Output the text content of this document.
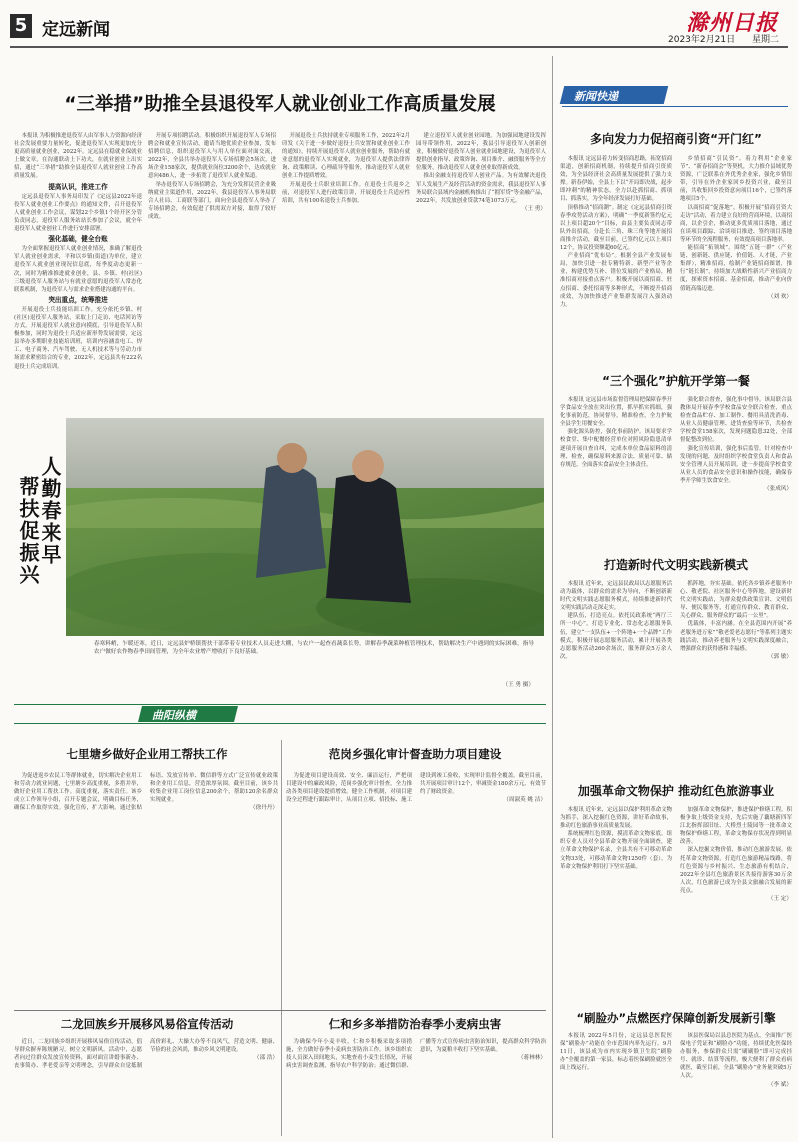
5 定远新闻	滁州日报
2023年2月21日 星期二
“三举措”助推全县退役军人就业创业工作高质量发展

本报讯 为积极推进退役军人由军事人力资源向经济社会发展重要力量转化，促进退役军人实现更加充分更高质量就业创业，2022年，定远县在稳就业保就业上做文章，在沟通联动上下功夫，在就业创业上出实招，通过“三举措”助推全县退役军人就业创业工作高质量发展。

提高认识，推进工作

定远县退役军人事务局印发了《定远县2022年退役军人就业创业工作要点》的通知文件，召开退役军人就业创业工作会议，谋划22个乡镇1个经开区分管负责同志，退役军人服务站站长参加了会议，就全年退役军人就业创业工作进行安排部署。

强化基础，健全台账

为全面掌握退役军人就业创业情况，准确了解退役军人就业创业需求，平和以乡镇(街道)为单位，建立退役军人就业创业现况信息底，每季度动态更新一次，同时为精准推进就业创业，县、乡镇、村(社区)三级退役军人服务站与有就业意愿的退役军人常态化联系机制，为退役军人与需求企业搭建沟通的平台。

突出重点，统筹推进

开展退役士兵技能培训工作。充分依托乡镇、村(社区)退役军人服务站，采取上门走访、电话回访等方式，开展退役军人就业意向摸底，引导退役军人积极参加，同时为退役士兵适应新形势发展需要，定远县举办多期职业技能培训班，培训内容涵盖电工、焊工、电子商务、汽车驾驶、无人机技术等与劳动力市场需求紧密结合的专业，2022年，定远县共有222名退役士兵完成培训。

开展专项招聘活动。积极组织开展退役军人专场招聘会和就业宣传活动，邀请当地优质企业参加，发布招聘信息，组织退役军人与用人单位面对面交流，2022年，全县共举办退役军人专场招聘会5场次，进场企业158家次，提供就业岗位3200余个，达成就业意向486人，进一步拓宽了退役军人就业渠道。

举办退役军人专场招聘会，为充分发挥民营企业吸纳就业主渠道作用，2022年，我县退役军人事务局联合人社局、工商联等部门，面向全县退役军人举办了专场招聘会，有效促进了供需双方对接，取得了较好成效。

开展退役士兵扶持就业专项服务工作，2022年2月印发《关于进一步做好退役士兵安置和就业创业工作的通知》，持续开展退役军人就业创业服务，帮助有就业意愿的退役军人实现就业，为退役军人提供法律咨询、政策解读、心理疏导等服务，推动退役军人就业创业工作提质增效。

开展退役士兵职业培训工作。在退役士兵返乡之前，对退役军人进行政策宣讲，开展退役士兵适应性培训，共有100名退役士兵参加。

建立退役军人就业创业园地。为加强园地建设发挥园导带领作用，2022年，我县引导退役军人创新创业，积极做好退役军人创业就业园地建设，为退役军人提供创业指导、政策咨询、项目推介、融资服务等全方位服务，推动退役军人就业创业取得新成效。

推出金融支持退役军人创业产品。为有效解决退役军人发展生产及经营活动的资金需求，我县退役军人事务局联合县域内金融机构推出了“拥军贷”等金融产品，2022年，共发放创业贷款74笔1073万元。

（王 勇）
人勤春来早
帮扶促振兴
春寒料峭，乍暖还寒。近日，定远县炉桥镇帮扶干部带着专业技术人员走进大棚，与农户一起查看蔬菜长势，讲解春季蔬菜种植管理技术，帮助解决生产中遇到的实际困难，指导农户做好农作物春季田间管理，为全年农业增产增收打下良好基础。
（王 勇 摄）
新闻快递
多向发力力促招商引资“开门红”

本报讯 定远县着力转变招商思路，拓宽招商渠道，创新招商机制，持续提升招商引资质效，为全县经济社会高质量发展提供了强力支撑。新春伊始，全县上下以“开局即决战，起步即冲刺”的精神状态，全力以赴抓招商、抓项目、抓落实，为全年经济发展打好基础。

顶格推动“招商潮”。制定《定远县招商引资春季攻势活动方案》，明确“一季度新签约亿元以上项目超20个”目标，由县主要负责同志带队外出招商，分赴长三角、珠三角等地开展招商推介活动，截至目前，已签约亿元以上项目12个，协议投资额超60亿元。

产业招商“优布局”。根据全县产业发展布局，加快引进一批专精特新、新型产业等企业，构建优势互补、错位发展的产业格局，精准招商对接重点客户。积极开展以商招商、驻点招商、委托招商等多种形式，不断提升招商成效，为加快推进产业集群发展注入强劲动力。

乡情招商“引民资”。着力利用“企业家节”、“新春招商会”等契机，大力推介县域优势资源，广泛联系在外优秀企业家，强化乡情纽带，引导在外企业家回乡投资兴业，截至目前，共收集回乡投资意向项目16个，已签约落地项目5个。

以商招商“促落地”。积极开展“招商引资大走访”活动，着力建立良好的营商环境，以商招商，以企引企，推动更多优质项目落地，通过在谈项目跟踪、洽谈项目推进、签约项目落地等环节的全流程服务，有效提高项目落地率。

能招商“拓领域”。围绕“五链一群”（产业链、创新链、供应链、价值链、人才链，产业集群），精准招商，绘制产业链招商图谱，推行“链长制”，持续加大战略性新兴产业招商力度，探索资本招商、基金招商，推动产业向价值链高端迈进。

（刘 欢）
“三个强化”护航开学第一餐

本报讯 定远县市场监督管理局把保障春季开学食品安全放在突出位置，抓早抓实抓细，强化事前防范，协同督导，精准检查，全力护航全县学生用餐安全。

强化源头防控，强化事前防护。该局要求学校食堂、集中配餐经营单位对照风险隐患清单逐项开展自查自纠，完成本单位食品原料的清理、检查，确保原料来源合法、质量可靠、储存规范，全面落实食品安全主体责任。

强化联合督查，强化事中督导。该局联合县教体局开展春季学校食品安全联合检查，重点检查食品贮存、加工制作、餐用具清洗消毒、从业人员健康管理、进货查验等环节，共检查学校食堂158家次，发现问题隐患32处，全部督促整改到位。

强化宣传培训，强化事后监管。针对检查中发现的问题，及时组织学校食堂负责人和食品安全管理人员开展培训，进一步提高学校食堂从业人员的食品安全意识和操作技能，确保春季开学师生饮食安全。

（张成风）
打造新时代文明实践新模式

本报讯 近年来，定远县民政局以志愿服务活动为载体，以群众的需求为导向，不断创新新时代文明实践志愿服务模式，持续推进新时代文明实践活动走深走实。

建队伍，打造亮点。依托民政系统“两厅三所一中心”，打造专业化、常态化志愿服务队伍，建立“一支队伍+一个阵地+一个品牌”工作模式，积极开展志愿服务活动，累计开展各类志愿服务活动260余场次，服务群众5万余人次。

抓阵地，夯实基础。依托各乡镇养老服务中心、敬老院、社区服务中心等阵地，建设新时代文明实践站，为群众提供政策宣讲、文明倡导、便民服务等，打通宣传群众、教育群众、关心群众、服务群众的“最后一公里”。

优载体，丰富内涵。在全县范围内开展“养老服务进万家”“敬老爱老志愿行”等系列主题实践活动，推动养老服务与文明实践深度融合，增强群众的获得感和幸福感。

（郭 敏）
加强革命文物保护 推动红色旅游事业

本报讯 近年来，定远县以保护利用革命文物为抓手，深入挖掘红色资源，讲好革命故事，推动红色旅游事业高质量发展。

系统梳理红色资源，摸清革命文物家底。组织专业人员对全县革命文物开展全面调查，建立革命文物保护名录，全县共有不可移动革命文物33处，可移动革命文物1250件（套），为革命文物保护利用打下坚实基础。

加强革命文物保护，推进保护修缮工程。积极争取上级资金支持，先后实施了藕塘新四军江北指挥部旧址、大桥烈士陵园等一批革命文物保护修缮工程，革命文物保存状况得到明显改善。

深入挖掘文物价值，推动红色旅游发展。依托革命文物资源，打造红色旅游精品线路，将红色资源与乡村振兴、生态旅游有机结合，2022年全县红色旅游景区共接待游客30万余人次，红色旅游已成为全县文旅融合发展的新亮点。

（王 定）
“刷脸办”点燃医疗保障创新发展新引擎

本报讯 2022年5月份，定远县总医院医保“刷脸办”功能在全市范围内率先运行。9月11日，该县成为市内实现乡镇卫生院“刷脸办”全覆盖的第一家县，标志着医保刷脸就医全面上线运行。

该县医保局以县总医院为基点，全面推广医保电子凭证和“刷脸办”功能，持续优化医保经办服务，参保群众只需“刷刷脸”即可完成挂号、就诊、结算等流程，极大便利了群众看病就医，截至目前，全县“刷脸办”业务量突破5万人次。

（李 斌）
曲阳纵横
七里塘乡做好企业用工帮扶工作

为促进返乡农民工等群体就业，切实解决企业用工和劳动力就业问题，七里塘乡高度重视，多措并举，做好企业用工帮扶工作。高度重视，落实责任。该乡成立工作领导小组，召开专题会议，明确目标任务，确保工作取得实效。强化宣传，扩大影响。通过张贴标语、发放宣传单、微信群等方式广泛宣传就业政策和企业用工信息，营造浓厚氛围。截至目前，该乡共收集企业用工岗位信息200余个，帮助120余名群众实现就业。

（徐丹丹）
范岗乡强化审计督查助力项目建设

为促进项目建设高效、安全、廉洁运行，严把项目建设中的廉政风险，范岗乡强化审计督查，全力推动各类项目建设提质增效。健全工作机制，对项目建设全过程进行跟踪审计，从项目立项、招投标、施工建设到竣工验收，实现审计监督全覆盖。截至目前，共开展项目审计12个，审减资金180余万元，有效节约了财政资金。

（周淑英 姚 洁）
二龙回族乡开展移风易俗宣传活动

近日，二龙回族乡组织开展移风易俗宣传活动，倡导群众摒弃陈规陋习，树立文明新风。活动中，志愿者向过往群众发放宣传资料，面对面宣讲婚事新办、丧事简办、孝老爱亲等文明理念，引导群众自觉抵制高价彩礼、大操大办等不良风气，营造文明、健康、节俭的社会风尚，推动乡风文明建设。

（邵 浩）
仁和乡多举措防治春季小麦病虫害

为确保今年小麦丰收，仁和乡积极采取多项措施，全力做好春季小麦病虫害防治工作。该乡组织农技人员深入田间地头，实地查看小麦生长情况，开展病虫害调查监测，指导农户科学防治；通过微信群、广播等方式宣传病虫害防治知识，提高群众科学防治意识，为夏粮丰收打下坚实基础。

（蒋林林）
